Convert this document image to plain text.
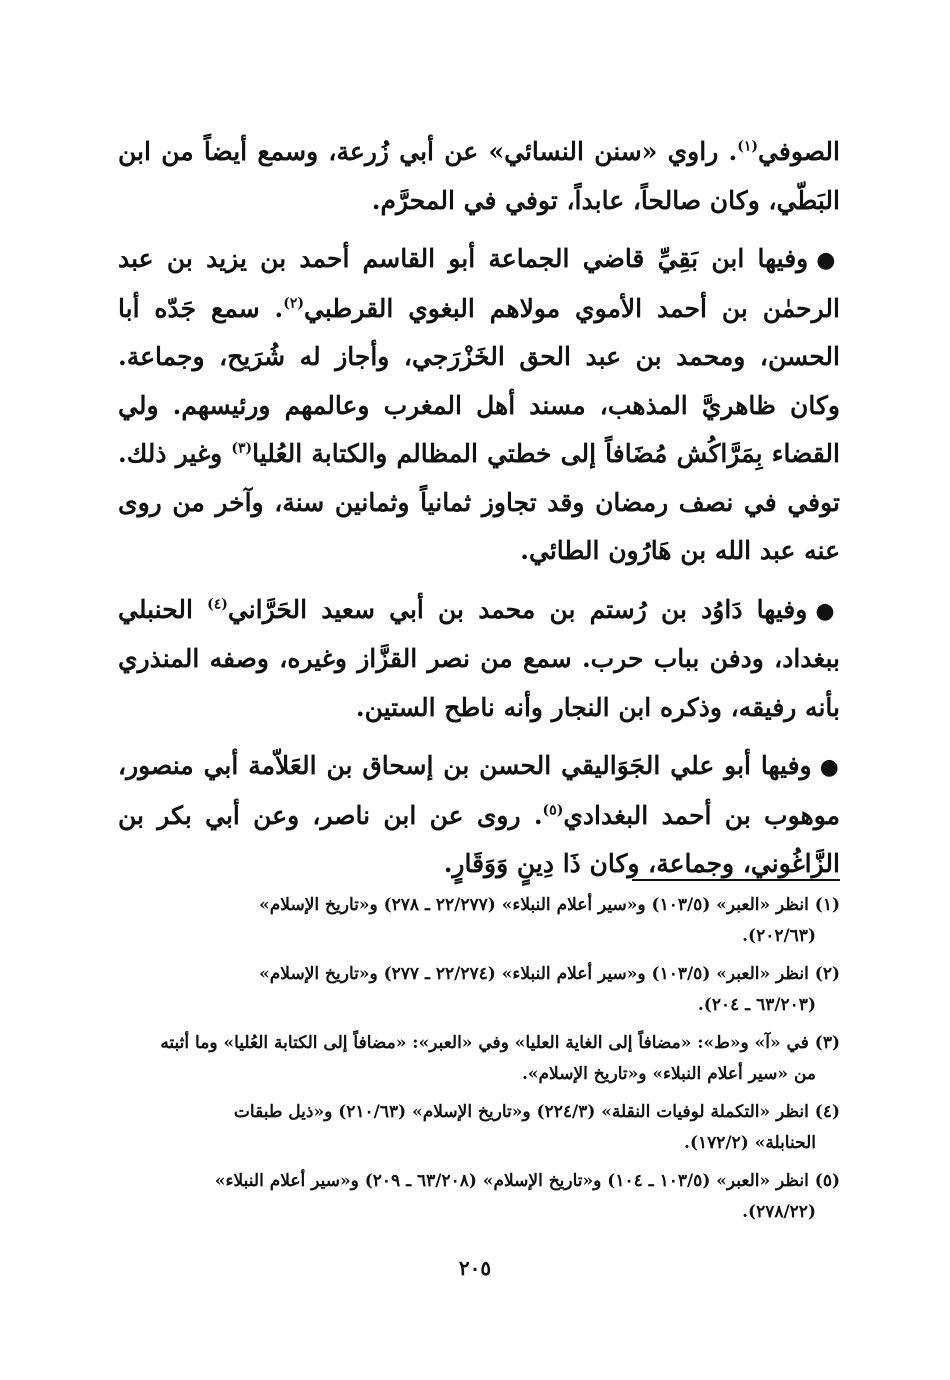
الصوفي$^{(١)}$. راوي «سنن النسائي» عن أبي زُرعة، وسمع أيضاً من ابن البَطّي، وكان صالحاً، عابداً، توفي في المحرَّم.

●وفيها ابن بَقِيِّ قاضي الجماعة أبو القاسم أحمد بن يزيد بن عبد الرحمٰن بن أحمد الأموي مولاهم البغوي القرطبي$^{(٢)}$. سمع جَدّه أبا الحسن، ومحمد بن عبد الحق الخَزْرَجي، وأجاز له شُرَيح، وجماعة. وكان ظاهريَّ المذهب، مسند أهل المغرب وعالمهم ورئيسهم. ولي القضاء بِمَرَّاكُش مُضَافاً إلى خطتي المظالم والكتابة العُليا$^{(٣)}$ وغير ذلك. توفي في نصف رمضان وقد تجاوز ثمانياً وثمانين سنة، وآخر من روى عنه عبد الله بن هَارُون الطائي.

●وفيها دَاوُد بن رُستم بن محمد بن أبي سعيد الحَرَّاني$^{(٤)}$ الحنبلي ببغداد، ودفن بباب حرب. سمع من نصر القزَّاز وغيره، وصفه المنذري بأنه رفيقه، وذكره ابن النجار وأنه ناطح الستين.

●وفيها أبو علي الجَوَاليقي الحسن بن إسحاق بن العَلاّمة أبي منصور، موهوب بن أحمد البغدادي$^{(٥)}$. روى عن ابن ناصر، وعن أبي بكر بن الزَّاغُوني، وجماعة، وكان ذَا دِينٍ وَوَقَارٍ.

(١) انظر «العبر» (١٠٣/٥) و«سير أعلام النبلاء» (٢٢/٢٧٧ ـ ٢٧٨) و«تاريخ الإسلام»
(٢٠٢/٦٣).

(٢) انظر «العبر» (١٠٣/٥) و«سير أعلام النبلاء» (٢٢/٢٧٤ ـ ٢٧٧) و«تاريخ الإسلام»
(٦٣/٢٠٣ ـ ٢٠٤).

(٣) في «آ» و«ط»: «مضافاً إلى الغاية العليا» وفي «العبر»: «مضافاً إلى الكتابة العُليا» وما أثبته
من «سير أعلام النبلاء» و«تاريخ الإسلام».

(٤) انظر «التكملة لوفيات النقلة» (٢٢٤/٣) و«تاريخ الإسلام» (٢١٠/٦٣) و«ذيل طبقات
الحنابلة» (١٧٢/٢).

(٥) انظر «العبر» (١٠٣/٥ ـ ١٠٤) و«تاريخ الإسلام» (٦٣/٢٠٨ ـ ٢٠٩) و«سير أعلام النبلاء»
(٢٧٨/٢٢).

٢٠٥
